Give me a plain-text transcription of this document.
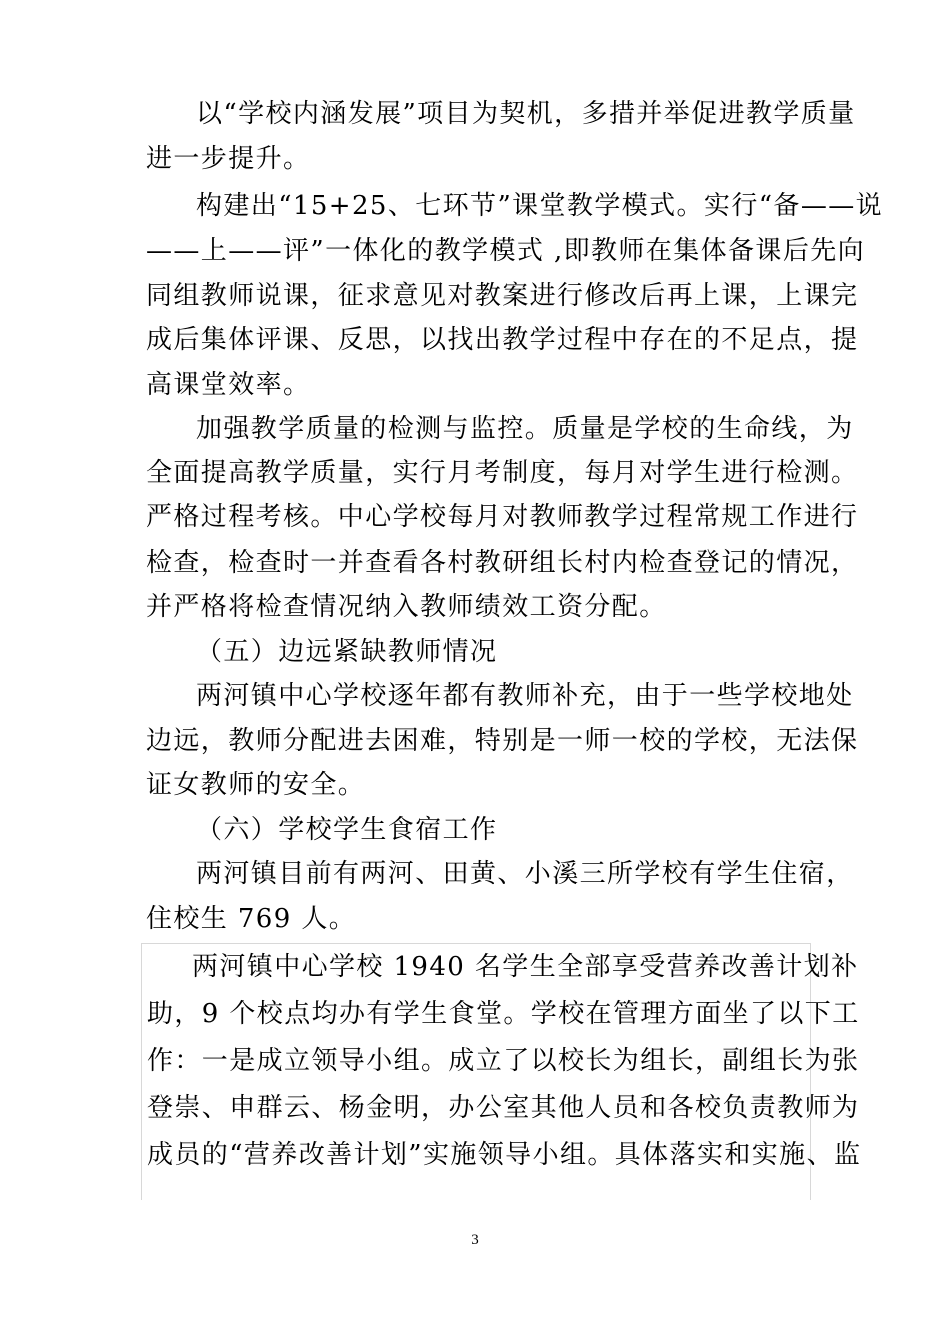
以“学校内涵发展”项目为契机，多措并举促进教学质量
进一步提升。
构建出“15+25、七环节”课堂教学模式。实行“备——说
——上——评”一体化的教学模式 ,即教师在集体备课后先向
同组教师说课，征求意见对教案进行修改后再上课，上课完
成后集体评课、反思，以找出教学过程中存在的不足点，提
高课堂效率。
加强教学质量的检测与监控。质量是学校的生命线，为
全面提高教学质量，实行月考制度，每月对学生进行检测。
严格过程考核。中心学校每月对教师教学过程常规工作进行
检查，检查时一并查看各村教研组长村内检查登记的情况，
并严格将检查情况纳入教师绩效工资分配。
（五）边远紧缺教师情况
两河镇中心学校逐年都有教师补充，由于一些学校地处
边远，教师分配进去困难，特别是一师一校的学校，无法保
证女教师的安全。
（六）学校学生食宿工作
两河镇目前有两河、田黄、小溪三所学校有学生住宿，
住校生 769 人。
两河镇中心学校 1940 名学生全部享受营养改善计划补
助，9 个校点均办有学生食堂。学校在管理方面坐了以下工
作：一是成立领导小组。成立了以校长为组长，副组长为张
登崇、申群云、杨金明，办公室其他人员和各校负责教师为
成员的“营养改善计划”实施领导小组。具体落实和实施、监
3
